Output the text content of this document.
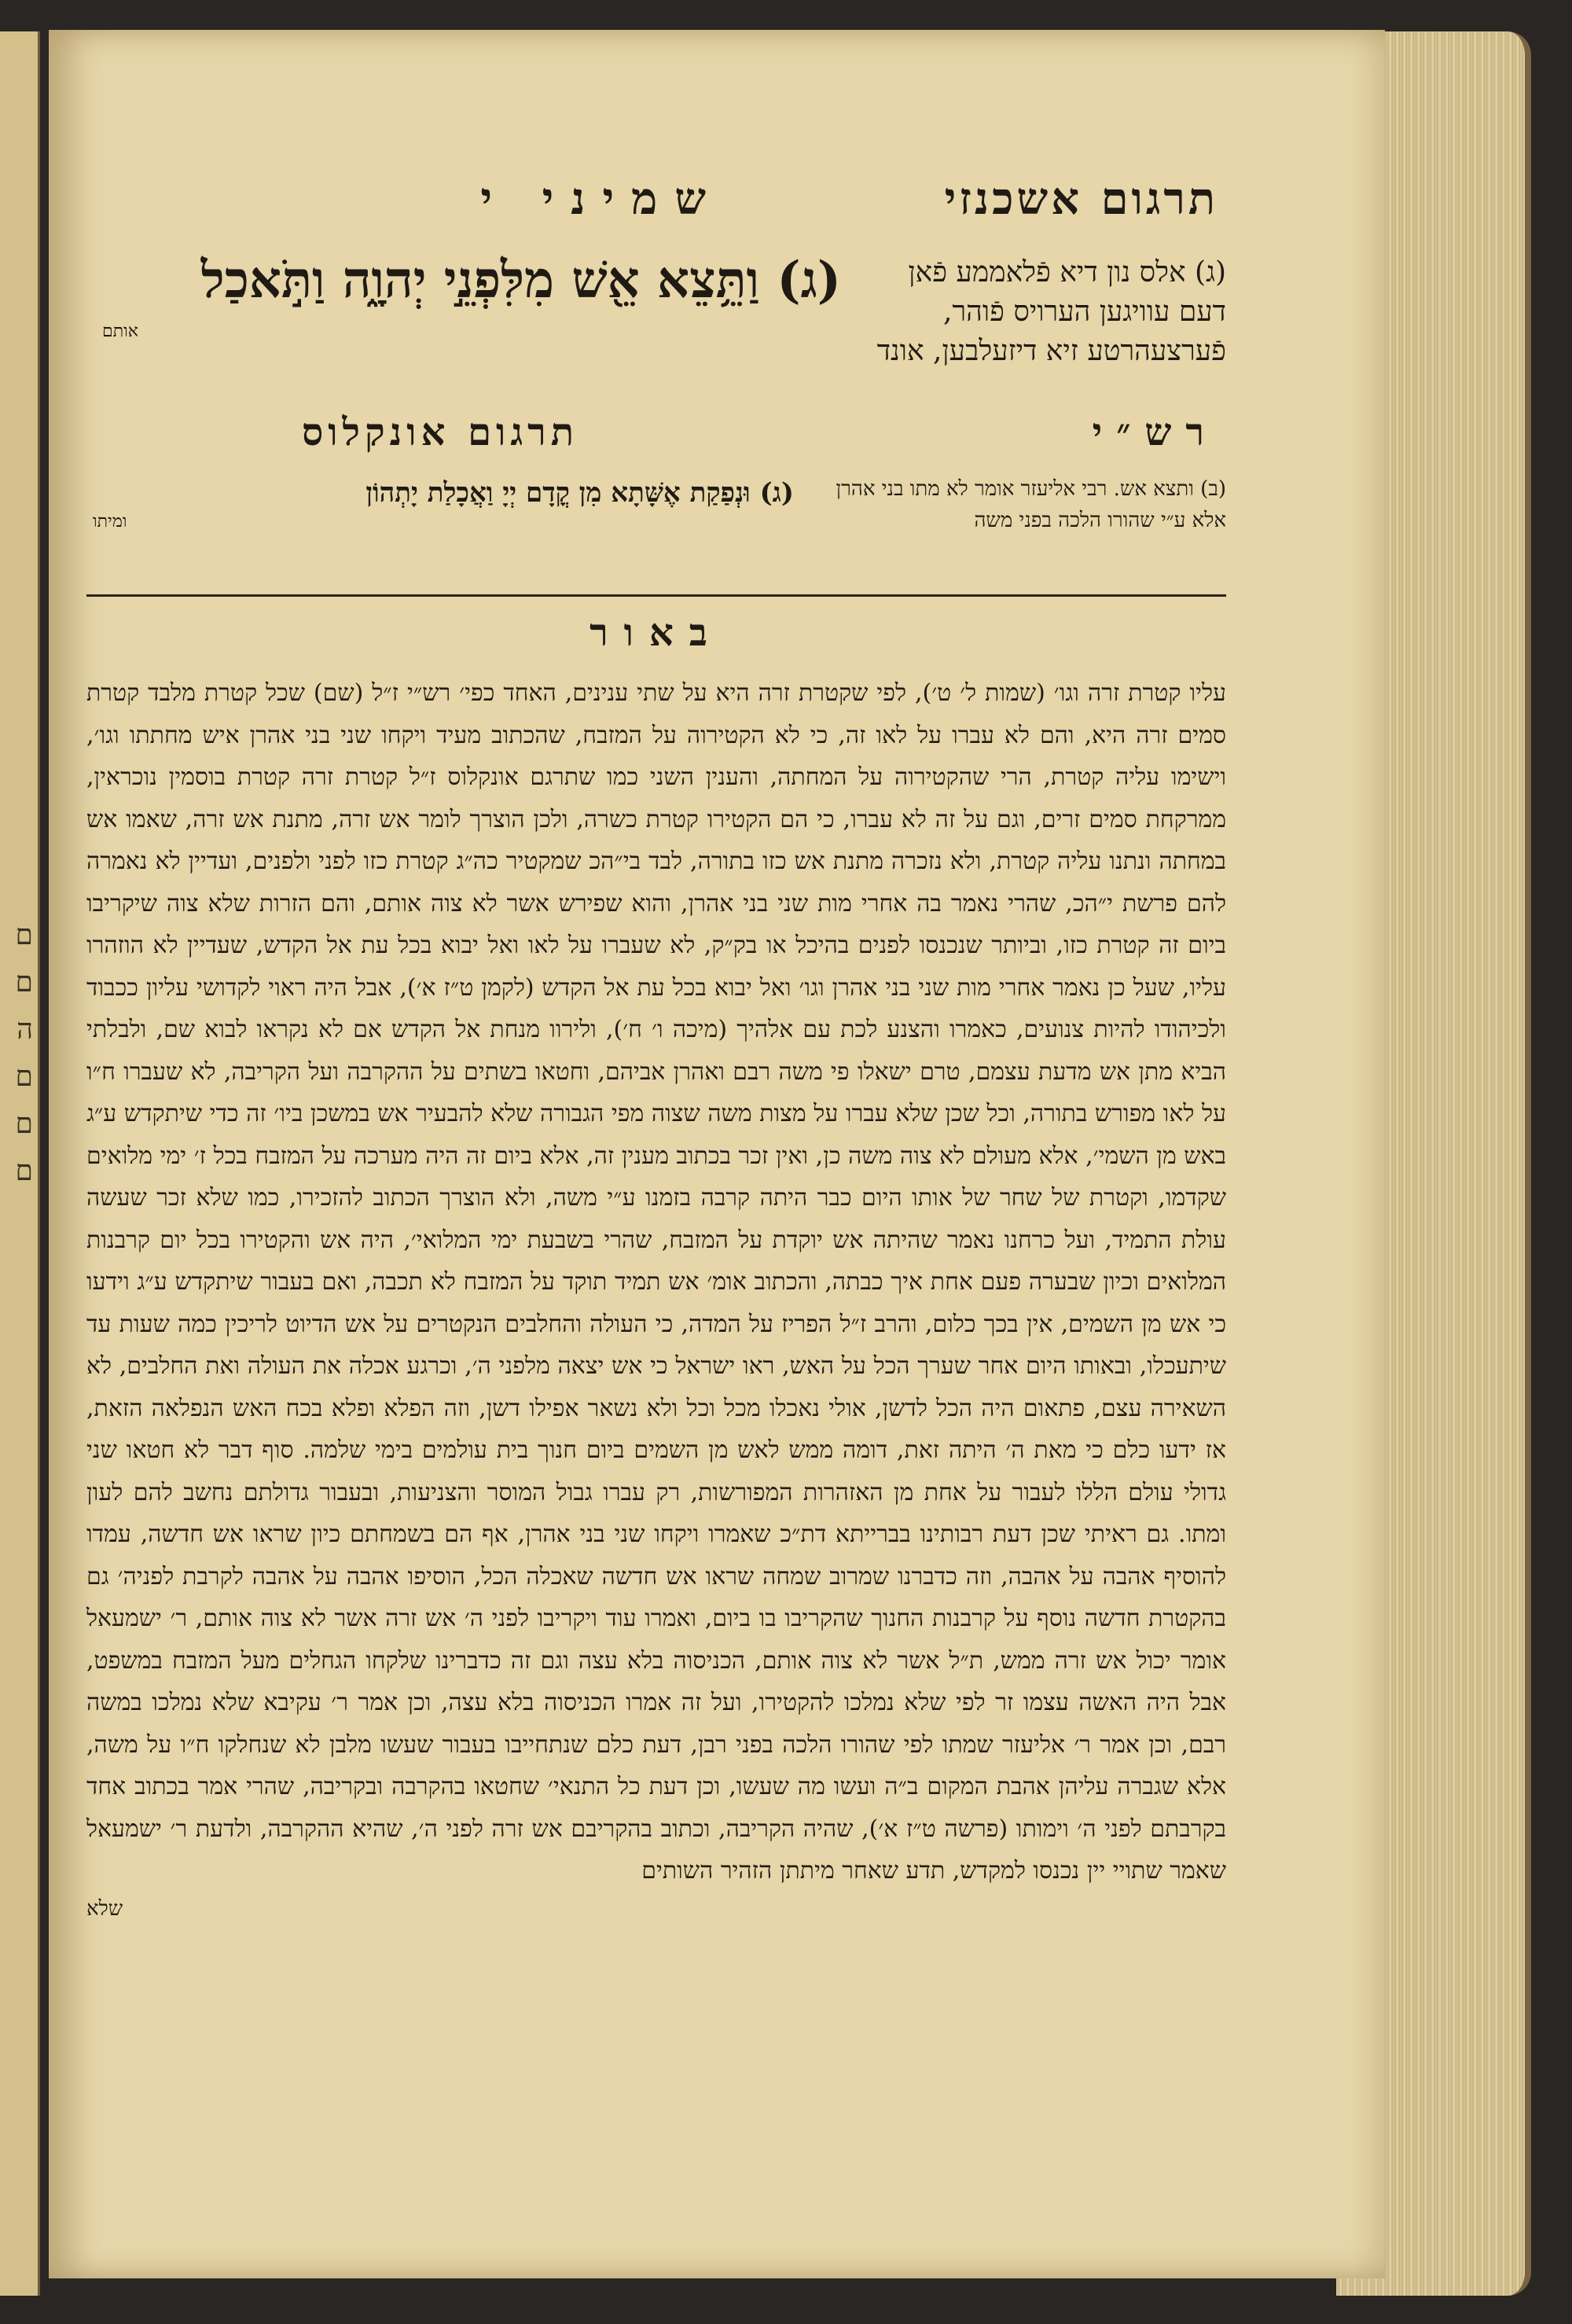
ם
ם
ה
ם
ם
ם
תרגום אשכנזי
(ג) אלס נון דיא פֿלאממע פֿאן דעם עוויגען הערויס פֿוהר, פֿערצעהרטע זיא דיזעלבען, אונד
שמיני י
(ג) וַתֵּ֥צֵא אֵ֖שׁ מִלִּפְנֵ֣י יְהוָ֑ה וַתֹּ֣אכַל
אותם
רש״י
(ב) ותצא אש. רבי אליעזר אומר לא מתו בני אהרן אלא ע״י שהורו הלכה בפני משה
תרגום אונקלוס
(ג) וּנְפַקַת אֶשָּׁתָא מִן קֳדָם יְיָ וַאֲכָלַת יָתְהוֹן
ומיתו
באור

עליו קטרת זרה וגו׳ (שמות ל׳ ט׳), לפי שקטרת זרה היא על שתי ענינים, האחד כפי׳ רש״י ז״ל (שם) שכל קטרת מלבד קטרת סמים זרה היא, והם לא עברו על לאו זה, כי לא הקטירוה על המזבח, שהכתוב מעיד ויקחו שני בני אהרן איש מחתתו וגו׳, וישימו עליה קטרת, הרי שהקטירוה על המחתה, והענין השני כמו שתרגם אונקלוס ז״ל קטרת זרה קטרת בוסמין נוכראין, ממרקחת סמים זרים, וגם על זה לא עברו, כי הם הקטירו קטרת כשרה, ולכן הוצרך לומר אש זרה, מתנת אש זרה, שאמו אש במחתה ונתנו עליה קטרת, ולא נזכרה מתנת אש כזו בתורה, לבד בי״הכ שמקטיר כה״ג קטרת כזו לפני ולפנים, ועדיין לא נאמרה להם פרשת י״הכ, שהרי נאמר בה אחרי מות שני בני אהרן, והוא שפירש אשר לא צוה אותם, והם הזרות שלא צוה שיקריבו ביום זה קטרת כזו, וביותר שנכנסו לפנים בהיכל או בק״ק, לא שעברו על לאו ואל יבוא בכל עת אל הקדש, שעדיין לא הוזהרו עליו, שעל כן נאמר אחרי מות שני בני אהרן וגו׳ ואל יבוא בכל עת אל הקדש (לקמן ט״ז א׳), אבל היה ראוי לקדושי עליון ככבוד ולכיהודו להיות צנועים, כאמרו והצנע לכת עם אלהיך (מיכה ו׳ ח׳), ולירוו מנחת אל הקדש אם לא נקראו לבוא שם, ולבלתי הביא מתן אש מדעת עצמם, טרם ישאלו פי משה רבם ואהרן אביהם, וחטאו בשתים על ההקרבה ועל הקריבה, לא שעברו ח״ו על לאו מפורש בתורה, וכל שכן שלא עברו על מצות משה שצוה מפי הגבורה שלא להבעיר אש במשכן ביו׳ זה כדי שיתקדש ע״ג באש מן השמי׳, אלא מעולם לא צוה משה כן, ואין זכר בכתוב מענין זה, אלא ביום זה היה מערכה על המזבח בכל ז׳ ימי מלואים שקדמו, וקטרת של שחר של אותו היום כבר היתה קרבה בזמנו ע״י משה, ולא הוצרך הכתוב להזכירו, כמו שלא זכר שעשה עולת התמיד, ועל כרחנו נאמר שהיתה אש יוקדת על המזבח, שהרי בשבעת ימי המלואי׳, היה אש והקטירו בכל יום קרבנות המלואים וכיון שבערה פעם אחת איך כבתה, והכתוב אומ׳ אש תמיד תוקד על המזבח לא תכבה, ואם בעבור שיתקדש ע״ג וידעו כי אש מן השמים, אין בכך כלום, והרב ז״ל הפריז על המדה, כי העולה והחלבים הנקטרים על אש הדיוט לריכין כמה שעות עד שיתעכלו, ובאותו היום אחר שערך הכל על האש, ראו ישראל כי אש יצאה מלפני ה׳, וכרגע אכלה את העולה ואת החלבים, לא השאירה עצם, פתאום היה הכל לדשן, אולי נאכלו מכל וכל ולא נשאר אפילו דשן, וזה הפלא ופלא בכח האש הנפלאה הזאת, אז ידעו כלם כי מאת ה׳ היתה זאת, דומה ממש לאש מן השמים ביום חנוך בית עולמים בימי שלמה. סוף דבר לא חטאו שני גדולי עולם הללו לעבור על אחת מן האזהרות המפורשות, רק עברו גבול המוסר והצניעות, ובעבור גדולתם נחשב להם לעון ומתו. גם ראיתי שכן דעת רבותינו בברייתא דת״כ שאמרו ויקחו שני בני אהרן, אף הם בשמחתם כיון שראו אש חדשה, עמדו להוסיף אהבה על אהבה, וזה כדברנו שמרוב שמחה שראו אש חדשה שאכלה הכל, הוסיפו אהבה על אהבה לקרבת לפניה׳ גם בהקטרת חדשה נוסף על קרבנות החנוך שהקריבו בו ביום, ואמרו עוד ויקריבו לפני ה׳ אש זרה אשר לא צוה אותם, ר׳ ישמעאל אומר יכול אש זרה ממש, ת״ל אשר לא צוה אותם, הכניסוה בלא עצה וגם זה כדברינו שלקחו הגחלים מעל המזבח במשפט, אבל היה האשה עצמו זר לפי שלא נמלכו להקטירו, ועל זה אמרו הכניסוה בלא עצה, וכן אמר ר׳ עקיבא שלא נמלכו במשה רבם, וכן אמר ר׳ אליעזר שמתו לפי שהורו הלכה בפני רבן, דעת כלם שנתחייבו בעבור שעשו מלבן לא שנחלקו ח״ו על משה, אלא שגברה עליהן אהבת המקום ב״ה ועשו מה שעשו, וכן דעת כל התנאי׳ שחטאו בהקרבה ובקריבה, שהרי אמר בכתוב אחד בקרבתם לפני ה׳ וימותו (פרשה ט״ז א׳), שהיה הקריבה, וכתוב בהקריבם אש זרה לפני ה׳, שהיא ההקרבה, ולדעת ר׳ ישמעאל שאמר שתויי יין נכנסו למקדש, תדע שאחר מיתתן הזהיר השותים

שלא
